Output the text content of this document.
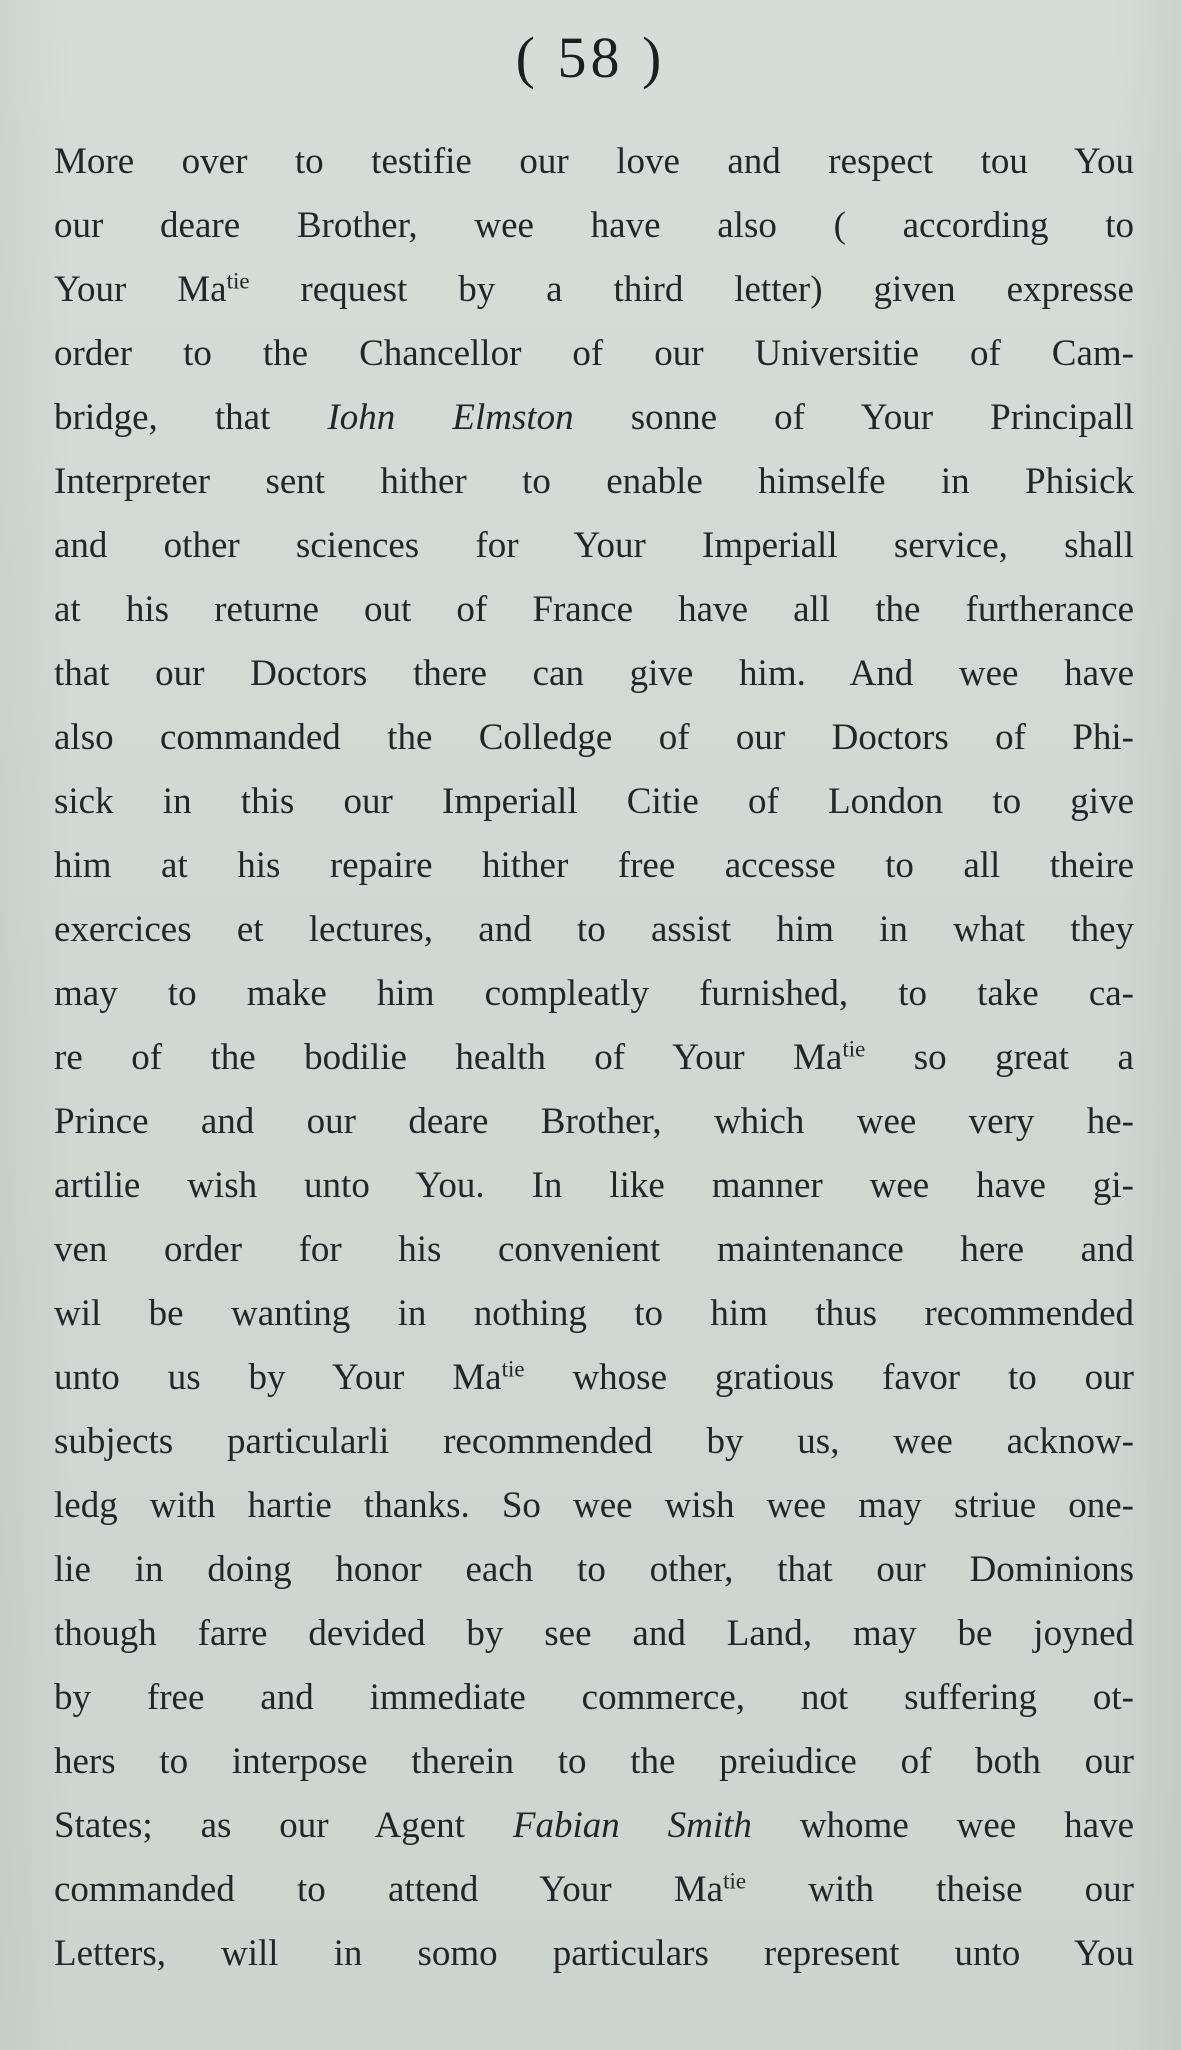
( 58 )
More over to testifie our love and respect tou You
our deare Brother, wee have also ( according to
Your $Ma^{tie}$ request by a third letter) given expresse
order to the Chancellor of our Universitie of Cam-
bridge, that Iohn Elmston sonne of Your Principall
Interpreter sent hither to enable himselfe in Phisick
and other sciences for Your Imperiall service, shall
at his returne out of France have all the furtherance
that our Doctors there can give him. And wee have
also commanded the Colledge of our Doctors of Phi-
sick in this our Imperiall Citie of London to give
him at his repaire hither free accesse to all theire
exercices et lectures, and to assist him in what they
may to make him compleatly furnished, to take ca-
re of the bodilie health of Your $Ma^{tie}$ so great a
Prince and our deare Brother, which wee very he-
artilie wish unto You. In like manner wee have gi-
ven order for his convenient maintenance here and
wil be wanting in nothing to him thus recommended
unto us by Your $Ma^{tie}$ whose gratious favor to our
subjects particularli recommended by us, wee acknow-
ledg with hartie thanks. So wee wish wee may striue one-
lie in doing honor each to other, that our Dominions
though farre devided by see and Land, may be joyned
by free and immediate commerce, not suffering ot-
hers to interpose therein to the preiudice of both our
States; as our Agent Fabian Smith whome wee have
commanded to attend Your $Ma^{tie}$ with theise our
Letters, will in somo particulars represent unto You
